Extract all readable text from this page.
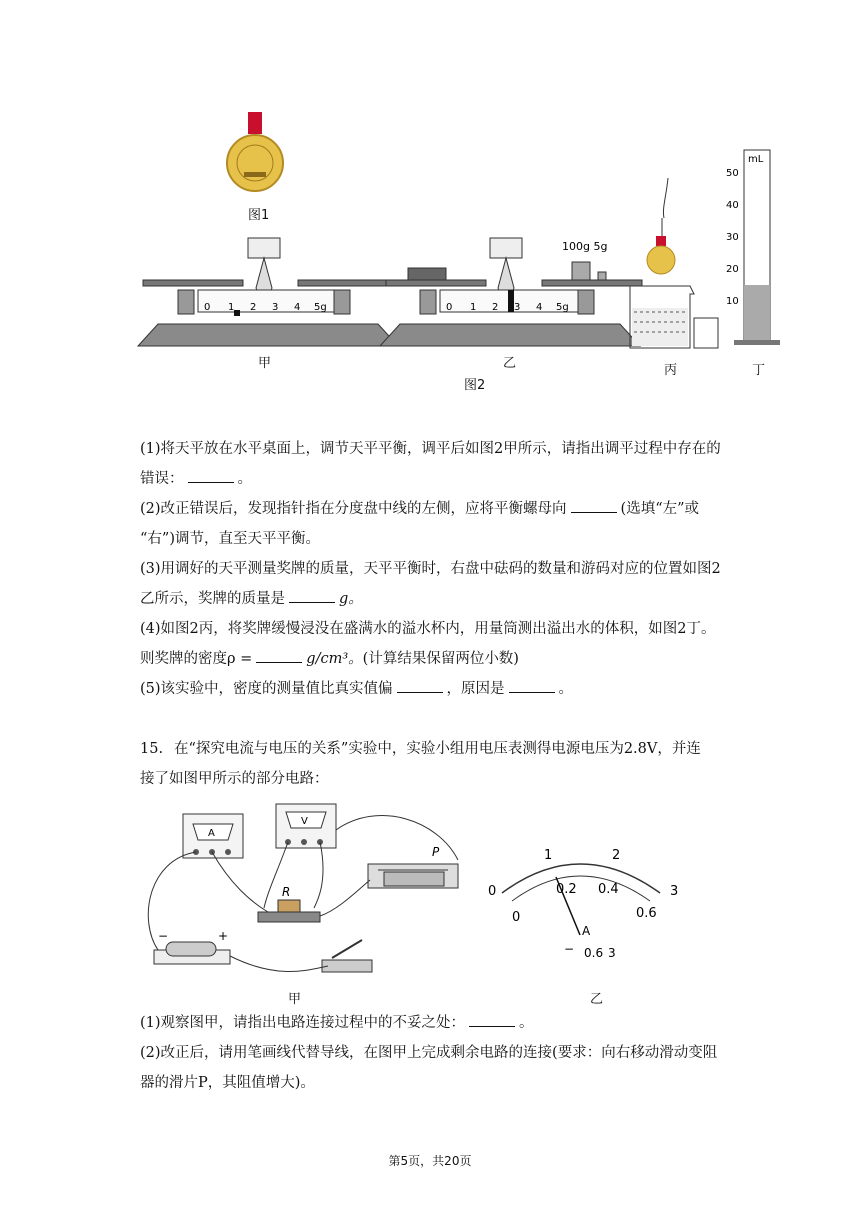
图1
0 1 2 3 4 5g	0 1 2 3 4 5g
100g 5g
mL
50
40
30
20
10
甲	乙	丙	丁
图2

(1)将天平放在水平桌面上，调节天平平衡，调平后如图2甲所示，请指出调平过程中存在的

错误：	。

(2)改正错误后，发现指针指在分度盘中线的左侧，应将平衡螺母向	(选填“左”或

“右”)调节，直至天平平衡。

(3)用调好的天平测量奖牌的质量，天平平衡时，右盘中砝码的数量和游码对应的位置如图2

乙所示，奖牌的质量是	g。

(4)如图2丙，将奖牌缓慢浸没在盛满水的溢水杯内，用量筒测出溢出水的体积，如图2丁。

则奖牌的密度ρ =	g/cm³。(计算结果保留两位小数)

(5)该实验中，密度的测量值比真实值偏	，原因是	。

15. 在“探究电流与电压的关系”实验中，实验小组用电压表测得电源电压为2.8V，并连

接了如图甲所示的部分电路：

A
V
R
P
−	+
0
1	2
3
0
0.2 0.4
0.6
A
− 0.6 3
甲	乙

(1)观察图甲，请指出电路连接过程中的不妥之处：	。

(2)改正后，请用笔画线代替导线，在图甲上完成剩余电路的连接(要求：向右移动滑动变阻

器的滑片P，其阻值增大)。

第5页，共20页
